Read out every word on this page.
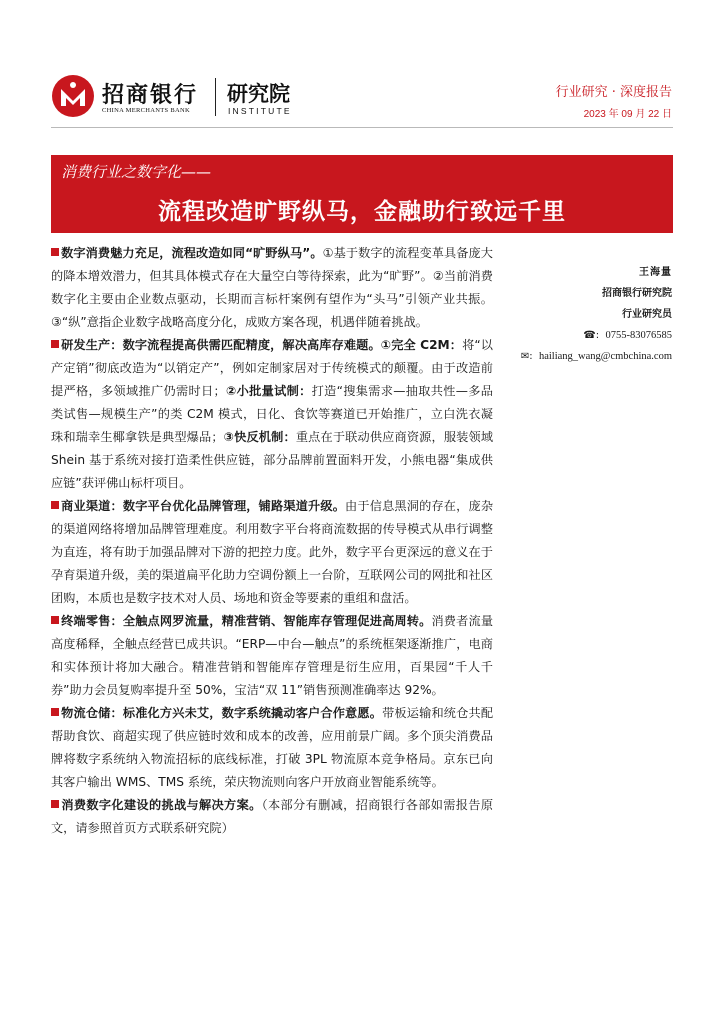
招商银行
CHINA MERCHANTS BANK
研究院
INSTITUTE
行业研究 · 深度报告
2023 年 09 月 22 日
消费行业之数字化——
流程改造旷野纵马，金融助行致远千里

数字消费魅力充足，流程改造如同“旷野纵马”。①基于数字的流程变革具备庞大的降本增效潜力，但其具体模式存在大量空白等待探索，此为“旷野”。②当前消费数字化主要由企业数点驱动，长期而言标杆案例有望作为“头马”引领产业共振。③“纵”意指企业数字战略高度分化，成败方案各现，机遇伴随着挑战。

研发生产：数字流程提高供需匹配精度，解决高库存难题。①完全 C2M：将“以产定销”彻底改造为“以销定产”，例如定制家居对于传统模式的颠覆。由于改造前提严格，多领域推广仍需时日；②小批量试制：打造“搜集需求—抽取共性—多品类试售—规模生产”的类 C2M 模式，日化、食饮等赛道已开始推广，立白洗衣凝珠和瑞幸生椰拿铁是典型爆品；③快反机制：重点在于联动供应商资源，服装领域 Shein 基于系统对接打造柔性供应链，部分品牌前置面料开发，小熊电器“集成供应链”获评佛山标杆项目。

商业渠道：数字平台优化品牌管理，铺路渠道升级。由于信息黑洞的存在，庞杂的渠道网络将增加品牌管理难度。利用数字平台将商流数据的传导模式从串行调整为直连，将有助于加强品牌对下游的把控力度。此外，数字平台更深远的意义在于孕育渠道升级，美的渠道扁平化助力空调份额上一台阶，互联网公司的网批和社区团购，本质也是数字技术对人员、场地和资金等要素的重组和盘活。

终端零售：全触点网罗流量，精准营销、智能库存管理促进高周转。消费者流量高度稀释，全触点经营已成共识。“ERP—中台—触点”的系统框架逐渐推广，电商和实体预计将加大融合。精准营销和智能库存管理是衍生应用，百果园“千人千券”助力会员复购率提升至 50%，宝洁“双 11”销售预测准确率达 92%。

物流仓储：标准化方兴未艾，数字系统撬动客户合作意愿。带板运输和统仓共配帮助食饮、商超实现了供应链时效和成本的改善，应用前景广阔。多个顶尖消费品牌将数字系统纳入物流招标的底线标准，打破 3PL 物流原本竞争格局。京东已向其客户输出 WMS、TMS 系统，荣庆物流则向客户开放商业智能系统等。

消费数字化建设的挑战与解决方案。（本部分有删减，招商银行各部如需报告原文，请参照首页方式联系研究院）

王海量
招商银行研究院
行业研究员
☎: 0755-83076585
✉: hailiang_wang@cmbchina.com
